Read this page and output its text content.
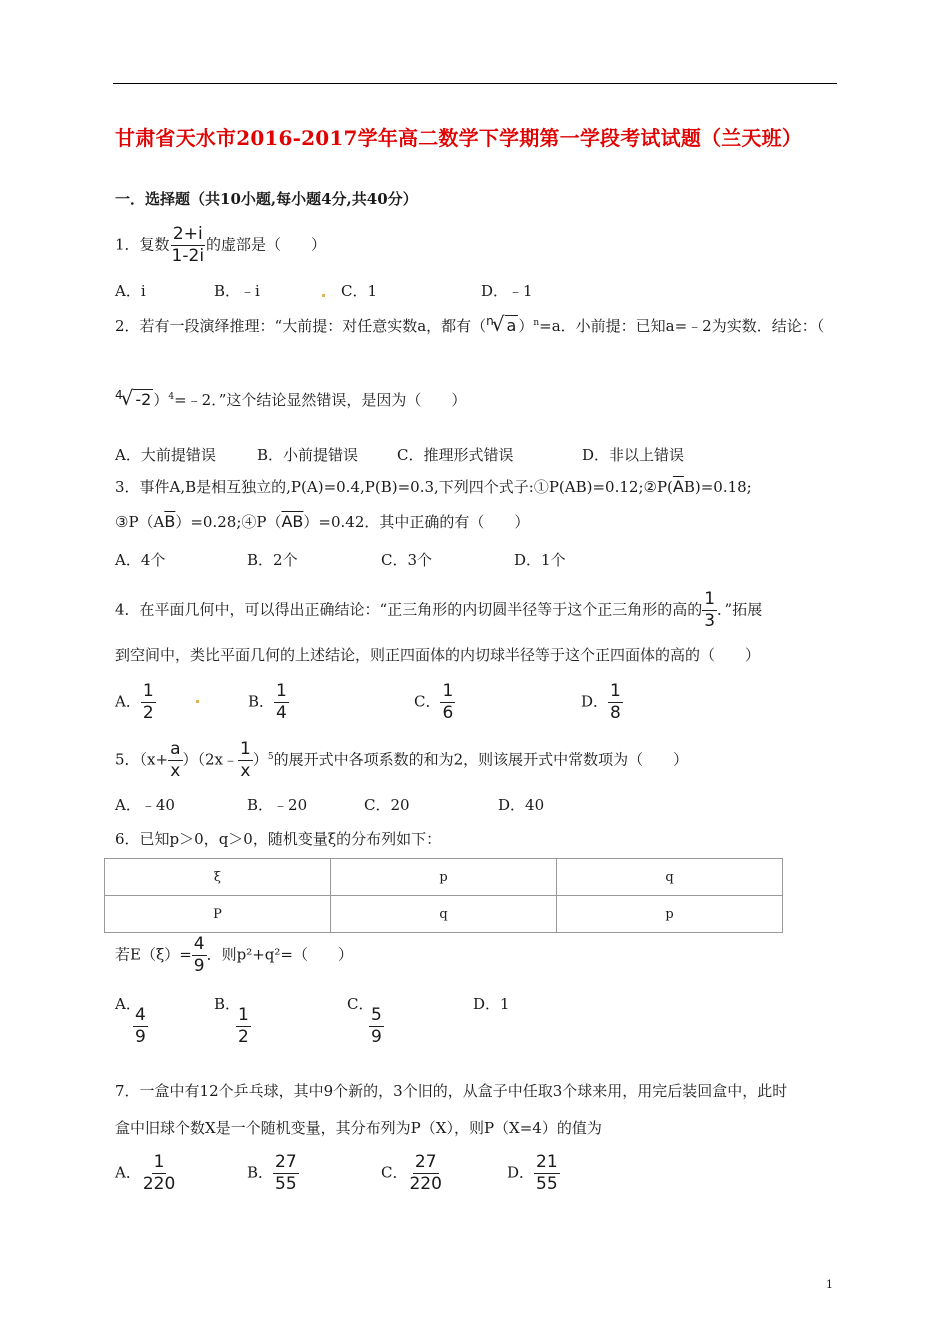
甘肃省天水市2016-2017学年高二数学下学期第一学段考试试题（兰天班）
一．选择题（共10小题,每小题4分,共40分）
1．复数 $\frac{2+i}{1-2i}$ 的虚部是（　　）
A．i	B．﹣i	C．1	D．﹣1
2．若有一段演绎推理：“大前提：对任意实数a，都有（$^n$√ a ）$^n$=a．小前提：已知a=﹣2为实数．结论：（
$^4$√ -2 ）$^4$=﹣2．”这个结论显然错误，是因为（　　）
A．大前提错误	B．小前提错误	C．推理形式错误	D．非以上错误
3．事件A,B是相互独立的,P(A)=0.4,P(B)=0.3,下列四个式子$:①P(AB)=0.12;②P(\overline{A}B)=0.18$;
$③P(A\overline{B})=0.28;④P(\overline{AB})=0.42$．其中正确的有（　　）
A．4个	B．2个	C．3个	D．1个
4．在平面几何中，可以得出正确结论：“正三角形的内切圆半径等于这个正三角形的高的 $\frac{1}{3}$ ．”拓展
到空间中，类比平面几何的上述结论，则正四面体的内切球半径等于这个正四面体的高的（　　）
A． $\frac{1}{2}$	B． $\frac{1}{4}$	C． $\frac{1}{6}$	D． $\frac{1}{8}$
5．（$x+ \frac{a}{x}$ ）（2x﹣ $\frac{1}{x} )^5$的展开式中各项系数的和为2，则该展开式中常数项为（　　）
A．﹣40	B．﹣20	C．20	D．40
6．已知p＞0，q＞0，随机变量ξ的分布列如下：
ξ	p	q
P	q	p
若$E(\xi)= \frac{4}{9}$ ．则p²+q²=（　　）
A．
$\frac{4}{9}$
B．
$\frac{1}{2}$
C．
$\frac{5}{9}$
D．1
7．一盒中有12个乒乓球，其中9个新的，3个旧的，从盒子中任取3个球来用，用完后装回盒中，此时
盒中旧球个数X是一个随机变量，其分布列为P（X），则P（X=4）的值为
A． $\frac{1}{220}$	B． $\frac{27}{55}$	C． $\frac{27}{220}$	D． $\frac{21}{55}$
1
